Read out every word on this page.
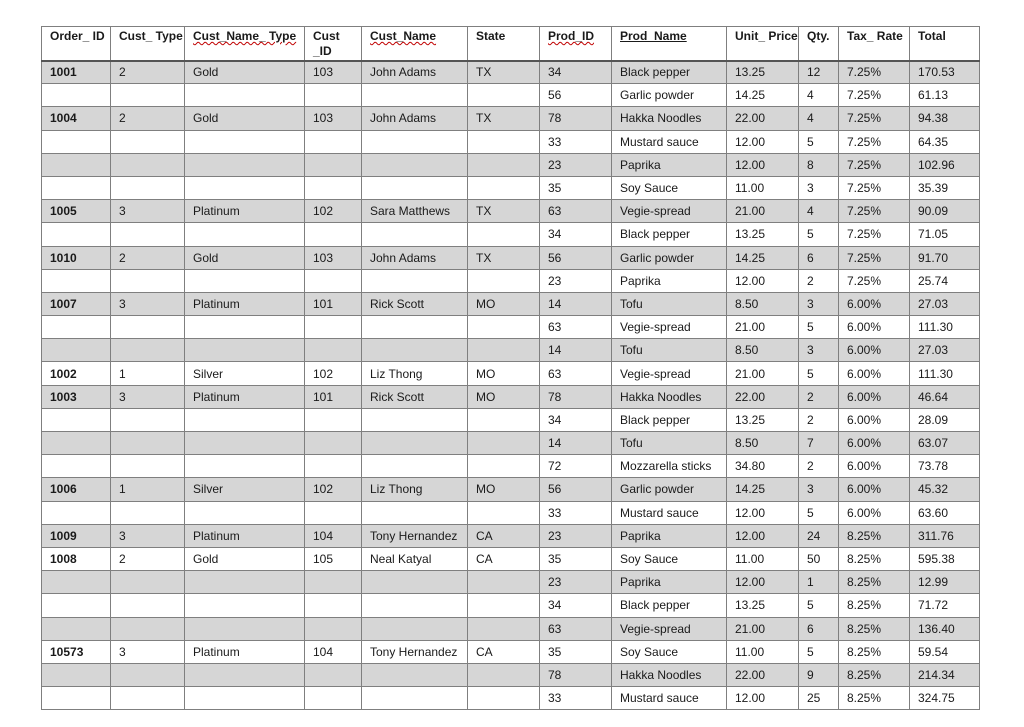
Order_ ID	Cust_ Type	Cust_Name_ Type	Cust _ID	Cust_Name	State	Prod_ID	Prod_Name	Unit_ Price	Qty.	Tax_ Rate	Total
1001	2	Gold	103	John Adams	TX	34	Black pepper	13.25	12	7.25%	170.53
						56	Garlic powder	14.25	4	7.25%	61.13
1004	2	Gold	103	John Adams	TX	78	Hakka Noodles	22.00	4	7.25%	94.38
						33	Mustard sauce	12.00	5	7.25%	64.35
						23	Paprika	12.00	8	7.25%	102.96
						35	Soy Sauce	11.00	3	7.25%	35.39
1005	3	Platinum	102	Sara Matthews	TX	63	Vegie-spread	21.00	4	7.25%	90.09
						34	Black pepper	13.25	5	7.25%	71.05
1010	2	Gold	103	John Adams	TX	56	Garlic powder	14.25	6	7.25%	91.70
						23	Paprika	12.00	2	7.25%	25.74
1007	3	Platinum	101	Rick Scott	MO	14	Tofu	8.50	3	6.00%	27.03
						63	Vegie-spread	21.00	5	6.00%	111.30
						14	Tofu	8.50	3	6.00%	27.03
1002	1	Silver	102	Liz Thong	MO	63	Vegie-spread	21.00	5	6.00%	111.30
1003	3	Platinum	101	Rick Scott	MO	78	Hakka Noodles	22.00	2	6.00%	46.64
						34	Black pepper	13.25	2	6.00%	28.09
						14	Tofu	8.50	7	6.00%	63.07
						72	Mozzarella sticks	34.80	2	6.00%	73.78
1006	1	Silver	102	Liz Thong	MO	56	Garlic powder	14.25	3	6.00%	45.32
						33	Mustard sauce	12.00	5	6.00%	63.60
1009	3	Platinum	104	Tony Hernandez	CA	23	Paprika	12.00	24	8.25%	311.76
1008	2	Gold	105	Neal Katyal	CA	35	Soy Sauce	11.00	50	8.25%	595.38
						23	Paprika	12.00	1	8.25%	12.99
						34	Black pepper	13.25	5	8.25%	71.72
						63	Vegie-spread	21.00	6	8.25%	136.40
10573	3	Platinum	104	Tony Hernandez	CA	35	Soy Sauce	11.00	5	8.25%	59.54
						78	Hakka Noodles	22.00	9	8.25%	214.34
						33	Mustard sauce	12.00	25	8.25%	324.75
